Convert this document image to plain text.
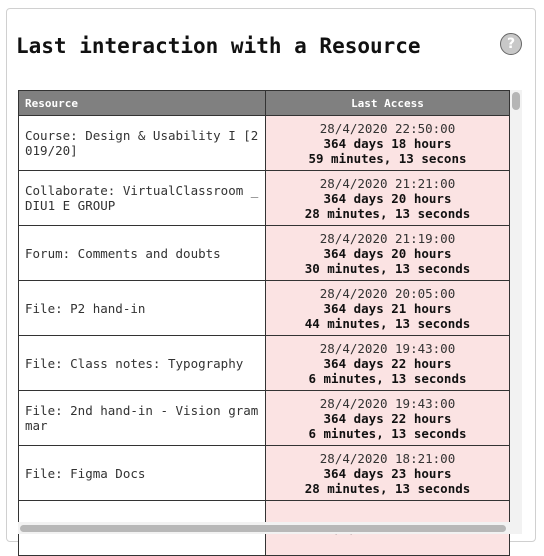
Last interaction with a Resource	?
Resource	Last Access
Course: Design & Usability I [2019/20]	28/4/2020 22:50:00
364 days 18 hours
59 minutes, 13 secons

Collaborate: VirtualClassroom _DIU1 E GROUP	28/4/2020 21:21:00
364 days 20 hours
28 minutes, 13 seconds

Forum: Comments and doubts	28/4/2020 21:19:00
364 days 20 hours
30 minutes, 13 seconds

File: P2 hand-in	28/4/2020 20:05:00
364 days 21 hours
44 minutes, 13 seconds

File: Class notes: Typography	28/4/2020 19:43:00
364 days 22 hours
6 minutes, 13 seconds

File: 2nd hand-in - Vision grammar	28/4/2020 19:43:00
364 days 22 hours
6 minutes, 13 seconds

File: Figma Docs	28/4/2020 18:21:00
364 days 23 hours
28 minutes, 13 seconds
